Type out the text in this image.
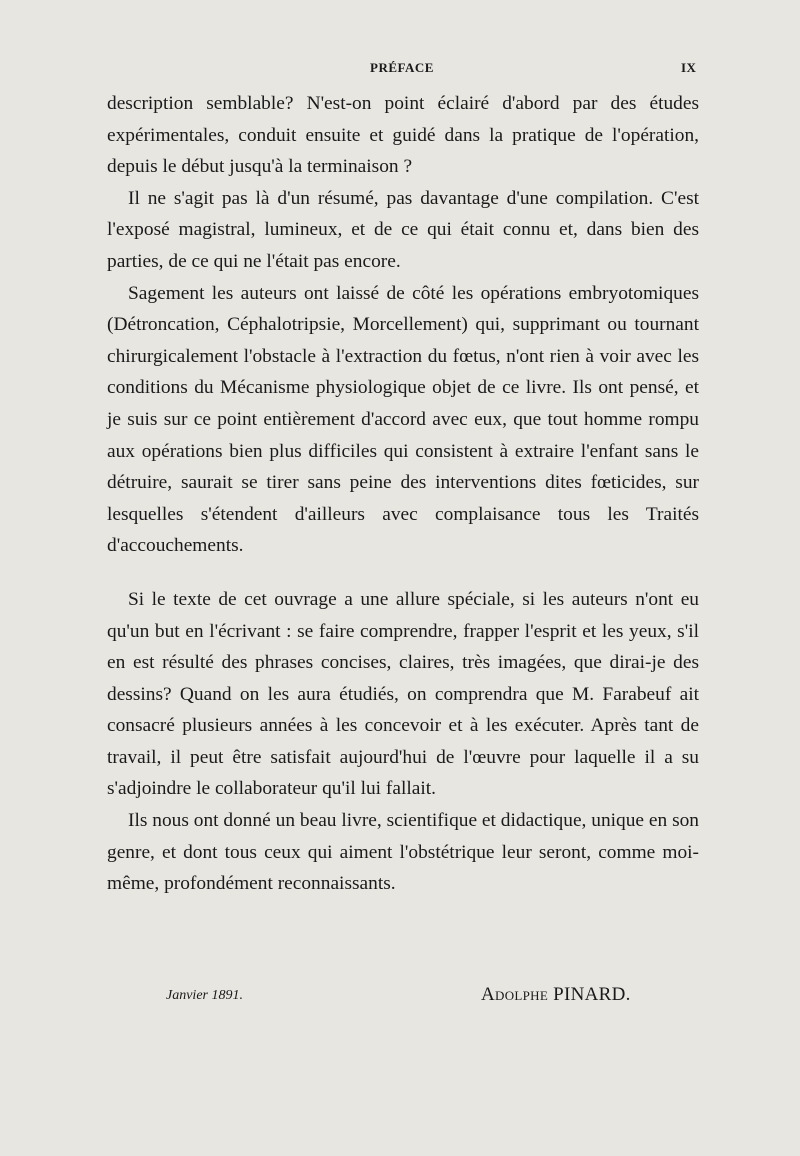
PRÉFACE	IX

description semblable? N'est-on point éclairé d'abord par des études expérimentales, conduit ensuite et guidé dans la pratique de l'opération, depuis le début jusqu'à la terminaison ?

Il ne s'agit pas là d'un résumé, pas davantage d'une compilation. C'est l'exposé magistral, lumineux, et de ce qui était connu et, dans bien des parties, de ce qui ne l'était pas encore.

Sagement les auteurs ont laissé de côté les opérations embryotomiques (Détroncation, Céphalotripsie, Morcellement) qui, supprimant ou tournant chirurgicalement l'obstacle à l'extraction du fœtus, n'ont rien à voir avec les conditions du Mécanisme physiologique objet de ce livre. Ils ont pensé, et je suis sur ce point entièrement d'accord avec eux, que tout homme rompu aux opérations bien plus difficiles qui consistent à extraire l'enfant sans le détruire, saurait se tirer sans peine des interventions dites fœticides, sur lesquelles s'étendent d'ailleurs avec complaisance tous les Traités d'accouchements.

Si le texte de cet ouvrage a une allure spéciale, si les auteurs n'ont eu qu'un but en l'écrivant : se faire comprendre, frapper l'esprit et les yeux, s'il en est résulté des phrases concises, claires, très imagées, que dirai-je des dessins? Quand on les aura étudiés, on comprendra que M. Farabeuf ait consacré plusieurs années à les concevoir et à les exécuter. Après tant de travail, il peut être satisfait aujourd'hui de l'œuvre pour laquelle il a su s'adjoindre le collaborateur qu'il lui fallait.

Ils nous ont donné un beau livre, scientifique et didactique, unique en son genre, et dont tous ceux qui aiment l'obstétrique leur seront, comme moi-même, profondément reconnaissants.

Janvier 1891.	Adolphe PINARD.
